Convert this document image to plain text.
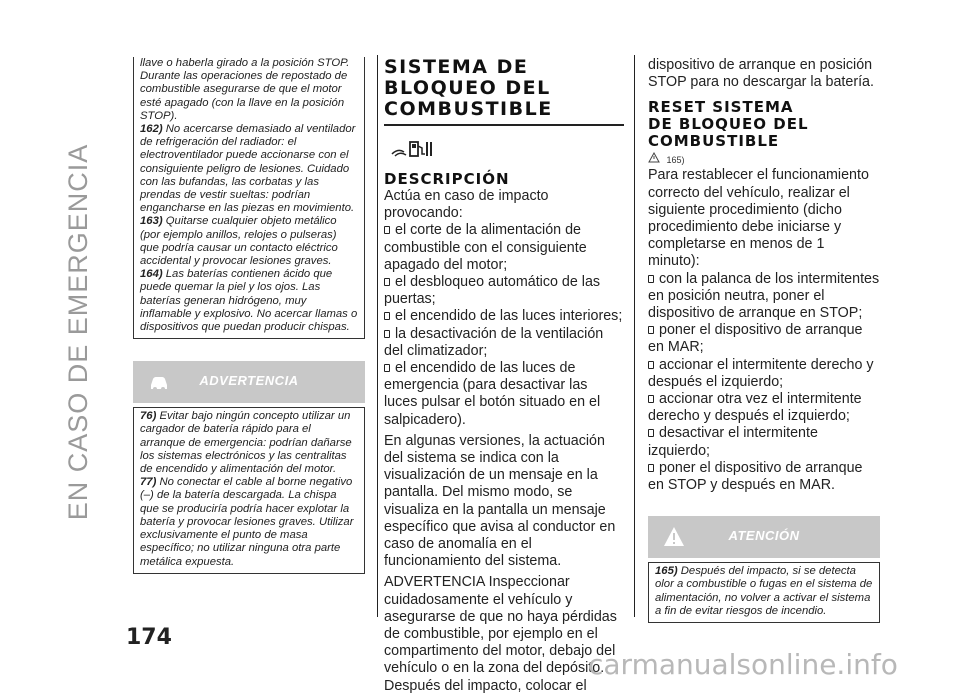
EN CASO DE EMERGENCIA
174

llave o haberla girado a la posición STOP. Durante las operaciones de repostado de combustible asegurarse de que el motor esté apagado (con la llave en la posición STOP).

162) No acercarse demasiado al ventilador de refrigeración del radiador: el electroventilador puede accionarse con el consiguiente peligro de lesiones. Cuidado con las bufandas, las corbatas y las prendas de vestir sueltas: podrían engancharse en las piezas en movimiento.

163) Quitarse cualquier objeto metálico (por ejemplo anillos, relojes o pulseras) que podría causar un contacto eléctrico accidental y provocar lesiones graves.

164) Las baterías contienen ácido que puede quemar la piel y los ojos. Las baterías generan hidrógeno, muy inflamable y explosivo. No acercar llamas o dispositivos que puedan producir chispas.

ADVERTENCIA

76) Evitar bajo ningún concepto utilizar un cargador de batería rápido para el arranque de emergencia: podrían dañarse los sistemas electrónicos y las centralitas de encendido y alimentación del motor.

77) No conectar el cable al borne negativo (–) de la batería descargada. La chispa que se produciría podría hacer explotar la batería y provocar lesiones graves. Utilizar exclusivamente el punto de masa específico; no utilizar ninguna otra parte metálica expuesta.

SISTEMA DE
BLOQUEO DEL
COMBUSTIBLE
DESCRIPCIÓN

Actúa en caso de impacto provocando:

el corte de la alimentación de combustible con el consiguiente apagado del motor;

el desbloqueo automático de las puertas;

el encendido de las luces interiores;

la desactivación de la ventilación del climatizador;

el encendido de las luces de emergencia (para desactivar las luces pulsar el botón situado en el salpicadero).

En algunas versiones, la actuación del sistema se indica con la visualización de un mensaje en la pantalla. Del mismo modo, se visualiza en la pantalla un mensaje específico que avisa al conductor en caso de anomalía en el funcionamiento del sistema.

ADVERTENCIA Inspeccionar cuidadosamente el vehículo y asegurarse de que no haya pérdidas de combustible, por ejemplo en el compartimento del motor, debajo del vehículo o en la zona del depósito. Después del impacto, colocar el

dispositivo de arranque en posición STOP para no descargar la batería.

RESET SISTEMA
DE BLOQUEO DEL
COMBUSTIBLE
165)

Para restablecer el funcionamiento correcto del vehículo, realizar el siguiente procedimiento (dicho procedimiento debe iniciarse y completarse en menos de 1 minuto):

con la palanca de los intermitentes en posición neutra, poner el dispositivo de arranque en STOP;

poner el dispositivo de arranque en MAR;

accionar el intermitente derecho y después el izquierdo;

accionar otra vez el intermitente derecho y después el izquierdo;

desactivar el intermitente izquierdo;

poner el dispositivo de arranque en STOP y después en MAR.

ATENCIÓN

165) Después del impacto, si se detecta olor a combustible o fugas en el sistema de alimentación, no volver a activar el sistema a fin de evitar riesgos de incendio.

carmanualsonline.info
